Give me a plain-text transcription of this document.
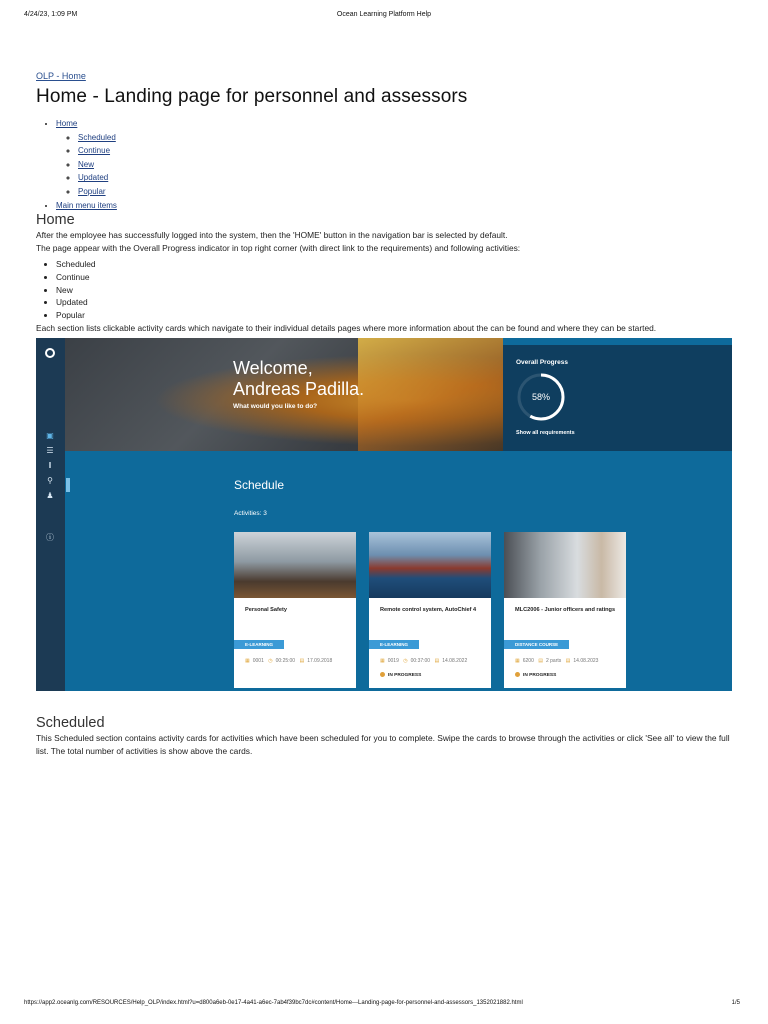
4/24/23, 1:09 PM	Ocean Learning Platform Help
OLP - Home
Home - Landing page for personnel and assessors
• Home
◦ Scheduled
◦ Continue
◦ New
◦ Updated
◦ Popular
• Main menu items
Home

After the employee has successfully logged into the system, then the 'HOME' button in the navigation bar is selected by default.

The page appear with the Overall Progress indicator in top right corner (with direct link to the requirements) and following activities:

• Scheduled
• Continue
• New
• Updated
• Popular

Each section lists clickable activity cards which navigate to their individual details pages where more information about the can be found and where they can be started.

▣
☰
‖
⚲
♟
ⓘ
Welcome,
Andreas Padilla.
What would you like to do?
Overall Progress
58%
Show all requirements
Schedule
Activities: 3
Personal Safety
E-LEARNING
▦ 0001 ◷ 00:25:00 ▤ 17.09.2018
Remote control system, AutoChief 4
E-LEARNING
▦ 0019 ◷ 00:37:00 ▤ 14.08.2022
IN PROGRESS
MLC2006 - Junior officers and ratings
DISTANCE COURSE
▦ 6200 ▤ 2 parts ▤ 14.08.2023
IN PROGRESS
Scheduled

This Scheduled section contains activity cards for activities which have been scheduled for you to complete. Swipe the cards to browse through the activities or click 'See all' to view the full list. The total number of activities is show above the cards.

https://app2.oceanlg.com/RESOURCES/Help_OLP/index.html?u=d800a6eb-0e17-4a41-a6ec-7ab4f39bc7dc#content/Home---Landing-page-for-personnel-and-assessors_1352021882.html	1/5
